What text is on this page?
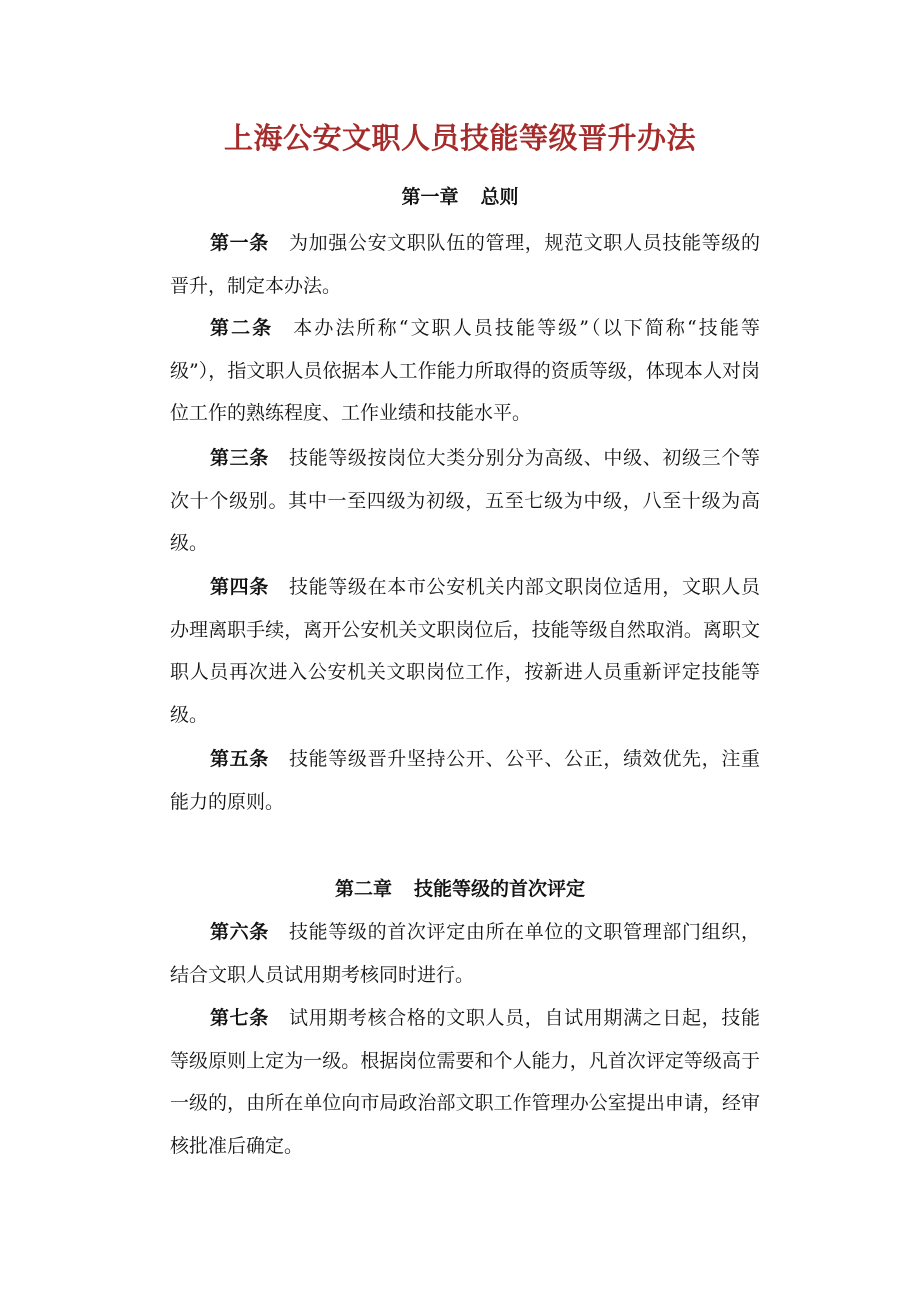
上海公安文职人员技能等级晋升办法
第一章 总则

第一条 为加强公安文职队伍的管理，规范文职人员技能等级的晋升，制定本办法。

第二条 本办法所称“文职人员技能等级”（以下简称“技能等级”），指文职人员依据本人工作能力所取得的资质等级，体现本人对岗位工作的熟练程度、工作业绩和技能水平。

第三条 技能等级按岗位大类分别分为高级、中级、初级三个等次十个级别。其中一至四级为初级，五至七级为中级，八至十级为高级。

第四条 技能等级在本市公安机关内部文职岗位适用，文职人员办理离职手续，离开公安机关文职岗位后，技能等级自然取消。离职文职人员再次进入公安机关文职岗位工作，按新进人员重新评定技能等级。

第五条 技能等级晋升坚持公开、公平、公正，绩效优先，注重能力的原则。

第二章 技能等级的首次评定

第六条 技能等级的首次评定由所在单位的文职管理部门组织，结合文职人员试用期考核同时进行。

第七条 试用期考核合格的文职人员，自试用期满之日起，技能等级原则上定为一级。根据岗位需要和个人能力，凡首次评定等级高于一级的，由所在单位向市局政治部文职工作管理办公室提出申请，经审核批准后确定。
